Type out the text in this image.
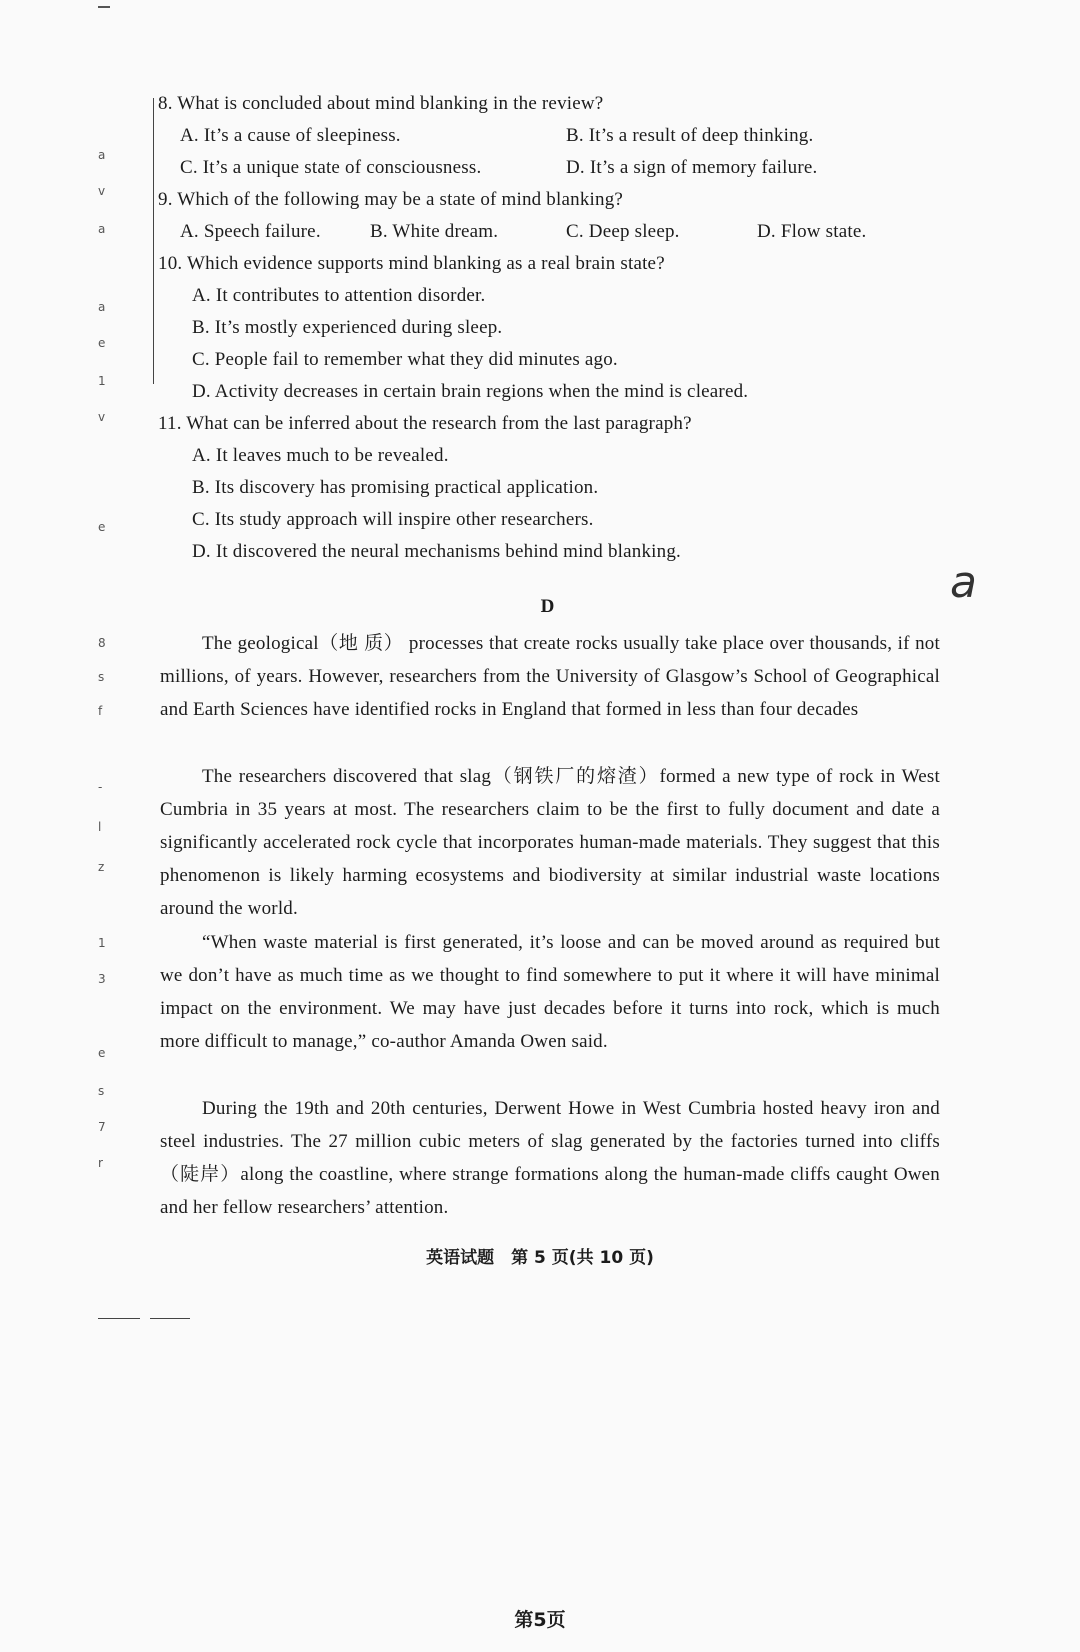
8. What is concluded about mind blanking in the review?
A. It’s a cause of sleepiness.	B. It’s a result of deep thinking.
C. It’s a unique state of consciousness.	D. It’s a sign of memory failure.
9. Which of the following may be a state of mind blanking?
A. Speech failure.	B. White dream.	C. Deep sleep.	D. Flow state.
10. Which evidence supports mind blanking as a real brain state?
A. It contributes to attention disorder.
B. It’s mostly experienced during sleep.
C. People fail to remember what they did minutes ago.
D. Activity decreases in certain brain regions when the mind is cleared.
11. What can be inferred about the research from the last paragraph?
A. It leaves much to be revealed.
B. Its discovery has promising practical application.
C. Its study approach will inspire other researchers.
D. It discovered the neural mechanisms behind mind blanking.
a
D
The geological（地 质） processes that create rocks usually take place over thousands, if not millions, of years. However, researchers from the University of Glasgow’s School of Geographical and Earth Sciences have identified rocks in England that formed in less than four decades
The researchers discovered that slag（钢铁厂的熔渣）formed a new type of rock in West Cumbria in 35 years at most. The researchers claim to be the first to fully document and date a significantly accelerated rock cycle that incorporates human-made materials. They suggest that this phenomenon is likely harming ecosystems and biodiversity at similar industrial waste locations around the world.
“When waste material is first generated, it’s loose and can be moved around as required but we don’t have as much time as we thought to find somewhere to put it where it will have minimal impact on the environment. We may have just decades before it turns into rock, which is much more difficult to manage,” co-author Amanda Owen said.
During the 19th and 20th centuries, Derwent Howe in West Cumbria hosted heavy iron and steel industries. The 27 million cubic meters of slag generated by the factories turned into cliffs（陡岸）along the coastline, where strange formations along the human-made cliffs caught Owen and her fellow researchers’ attention.
英语试题　第 5 页(共 10 页)
第5页
a
v
a
a
e
1
v
e
8
s
f
-
l
z
1
3
e
s
7
r
